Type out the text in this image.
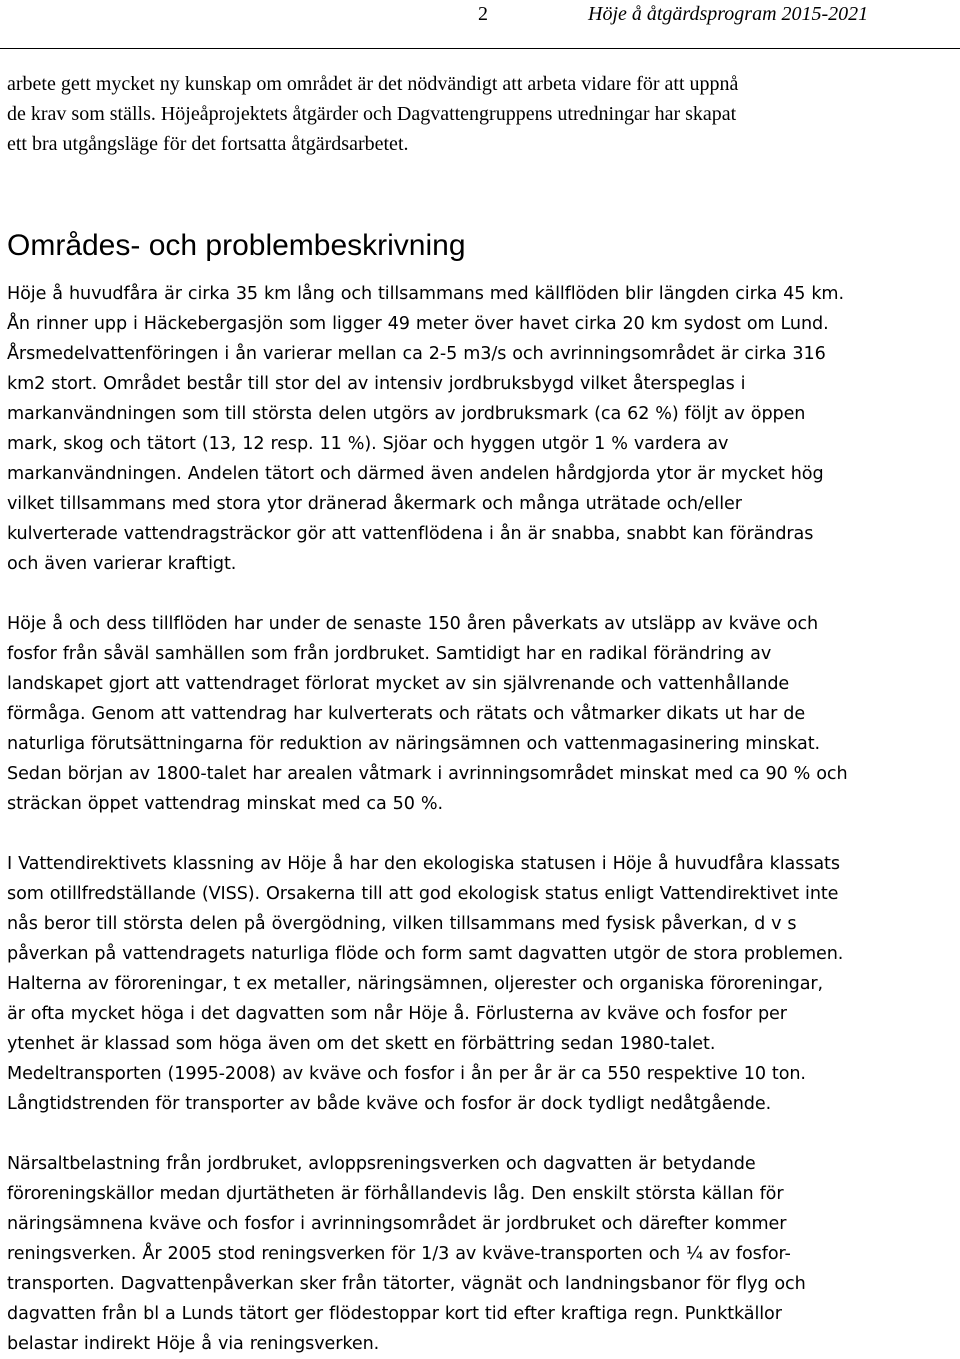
2	Höje å åtgärdsprogram 2015-2021

arbete gett mycket ny kunskap om området är det nödvändigt att arbeta vidare för att uppnå
de krav som ställs. Höjeåprojektets åtgärder och Dagvattengruppens utredningar har skapat
ett bra utgångsläge för det fortsatta åtgärdsarbetet.

Områdes- och problembeskrivning

Höje å huvudfåra är cirka 35 km lång och tillsammans med källflöden blir längden cirka 45 km.
Ån rinner upp i Häckebergasjön som ligger 49 meter över havet cirka 20 km sydost om Lund.
Årsmedelvattenföringen i ån varierar mellan ca 2-5 m3/s och avrinningsområdet är cirka 316
km2 stort. Området består till stor del av intensiv jordbruksbygd vilket återspeglas i
markanvändningen som till största delen utgörs av jordbruksmark (ca 62 %) följt av öppen
mark, skog och tätort (13, 12 resp. 11 %). Sjöar och hyggen utgör 1 % vardera av
markanvändningen. Andelen tätort och därmed även andelen hårdgjorda ytor är mycket hög
vilket tillsammans med stora ytor dränerad åkermark och många uträtade och/eller
kulverterade vattendragsträckor gör att vattenflödena i ån är snabba, snabbt kan förändras
och även varierar kraftigt.

Höje å och dess tillflöden har under de senaste 150 åren påverkats av utsläpp av kväve och
fosfor från såväl samhällen som från jordbruket. Samtidigt har en radikal förändring av
landskapet gjort att vattendraget förlorat mycket av sin självrenande och vattenhållande
förmåga. Genom att vattendrag har kulverterats och rätats och våtmarker dikats ut har de
naturliga förutsättningarna för reduktion av näringsämnen och vattenmagasinering minskat.
Sedan början av 1800-talet har arealen våtmark i avrinningsområdet minskat med ca 90 % och
sträckan öppet vattendrag minskat med ca 50 %.

I Vattendirektivets klassning av Höje å har den ekologiska statusen i Höje å huvudfåra klassats
som otillfredställande (VISS). Orsakerna till att god ekologisk status enligt Vattendirektivet inte
nås beror till största delen på övergödning, vilken tillsammans med fysisk påverkan, d v s
påverkan på vattendragets naturliga flöde och form samt dagvatten utgör de stora problemen.
Halterna av föroreningar, t ex metaller, näringsämnen, oljerester och organiska föroreningar,
är ofta mycket höga i det dagvatten som når Höje å. Förlusterna av kväve och fosfor per
ytenhet är klassad som höga även om det skett en förbättring sedan 1980-talet.
Medeltransporten (1995-2008) av kväve och fosfor i ån per år är ca 550 respektive 10 ton.
Långtidstrenden för transporter av både kväve och fosfor är dock tydligt nedåtgående.

Närsaltbelastning från jordbruket, avloppsreningsverken och dagvatten är betydande
föroreningskällor medan djurtätheten är förhållandevis låg. Den enskilt största källan för
näringsämnena kväve och fosfor i avrinningsområdet är jordbruket och därefter kommer
reningsverken. År 2005 stod reningsverken för 1/3 av kväve-transporten och ¼ av fosfor-
transporten. Dagvattenpåverkan sker från tätorter, vägnät och landningsbanor för flyg och
dagvatten från bl a Lunds tätort ger flödestoppar kort tid efter kraftiga regn. Punktkällor
belastar indirekt Höje å via reningsverken.
